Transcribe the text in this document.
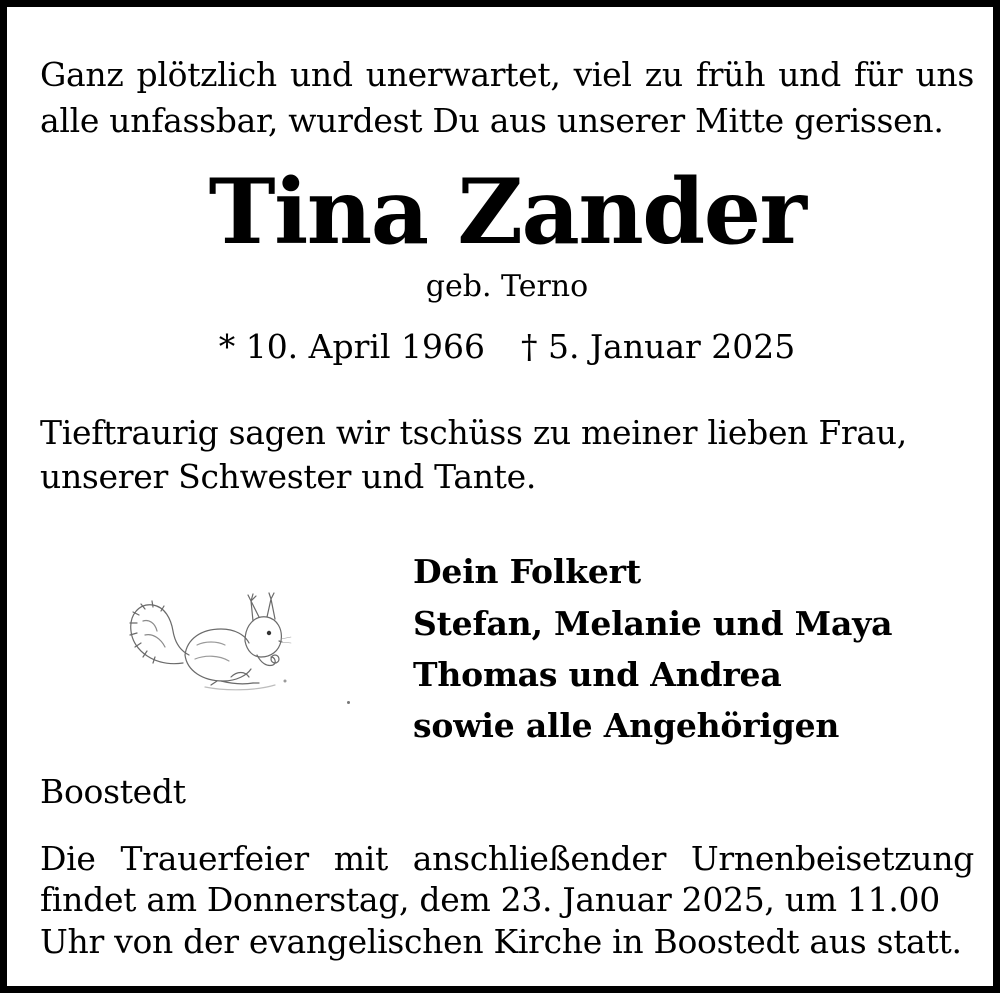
Ganz plötzlich und unerwartet, viel zu früh und für uns
alle unfassbar, wurdest Du aus unserer Mitte gerissen.
Tina Zander
geb. Terno
* 10. April 1966 † 5. Januar 2025
Tieftraurig sagen wir tschüss zu meiner lieben Frau,
unserer Schwester und Tante.
Dein Folkert
Stefan, Melanie und Maya
Thomas und Andrea
sowie alle Angehörigen
Boostedt
Die Trauerfeier mit anschließender Urnenbeisetzung
findet am Donnerstag, dem 23. Januar 2025, um 11.00
Uhr von der evangelischen Kirche in Boostedt aus statt.
